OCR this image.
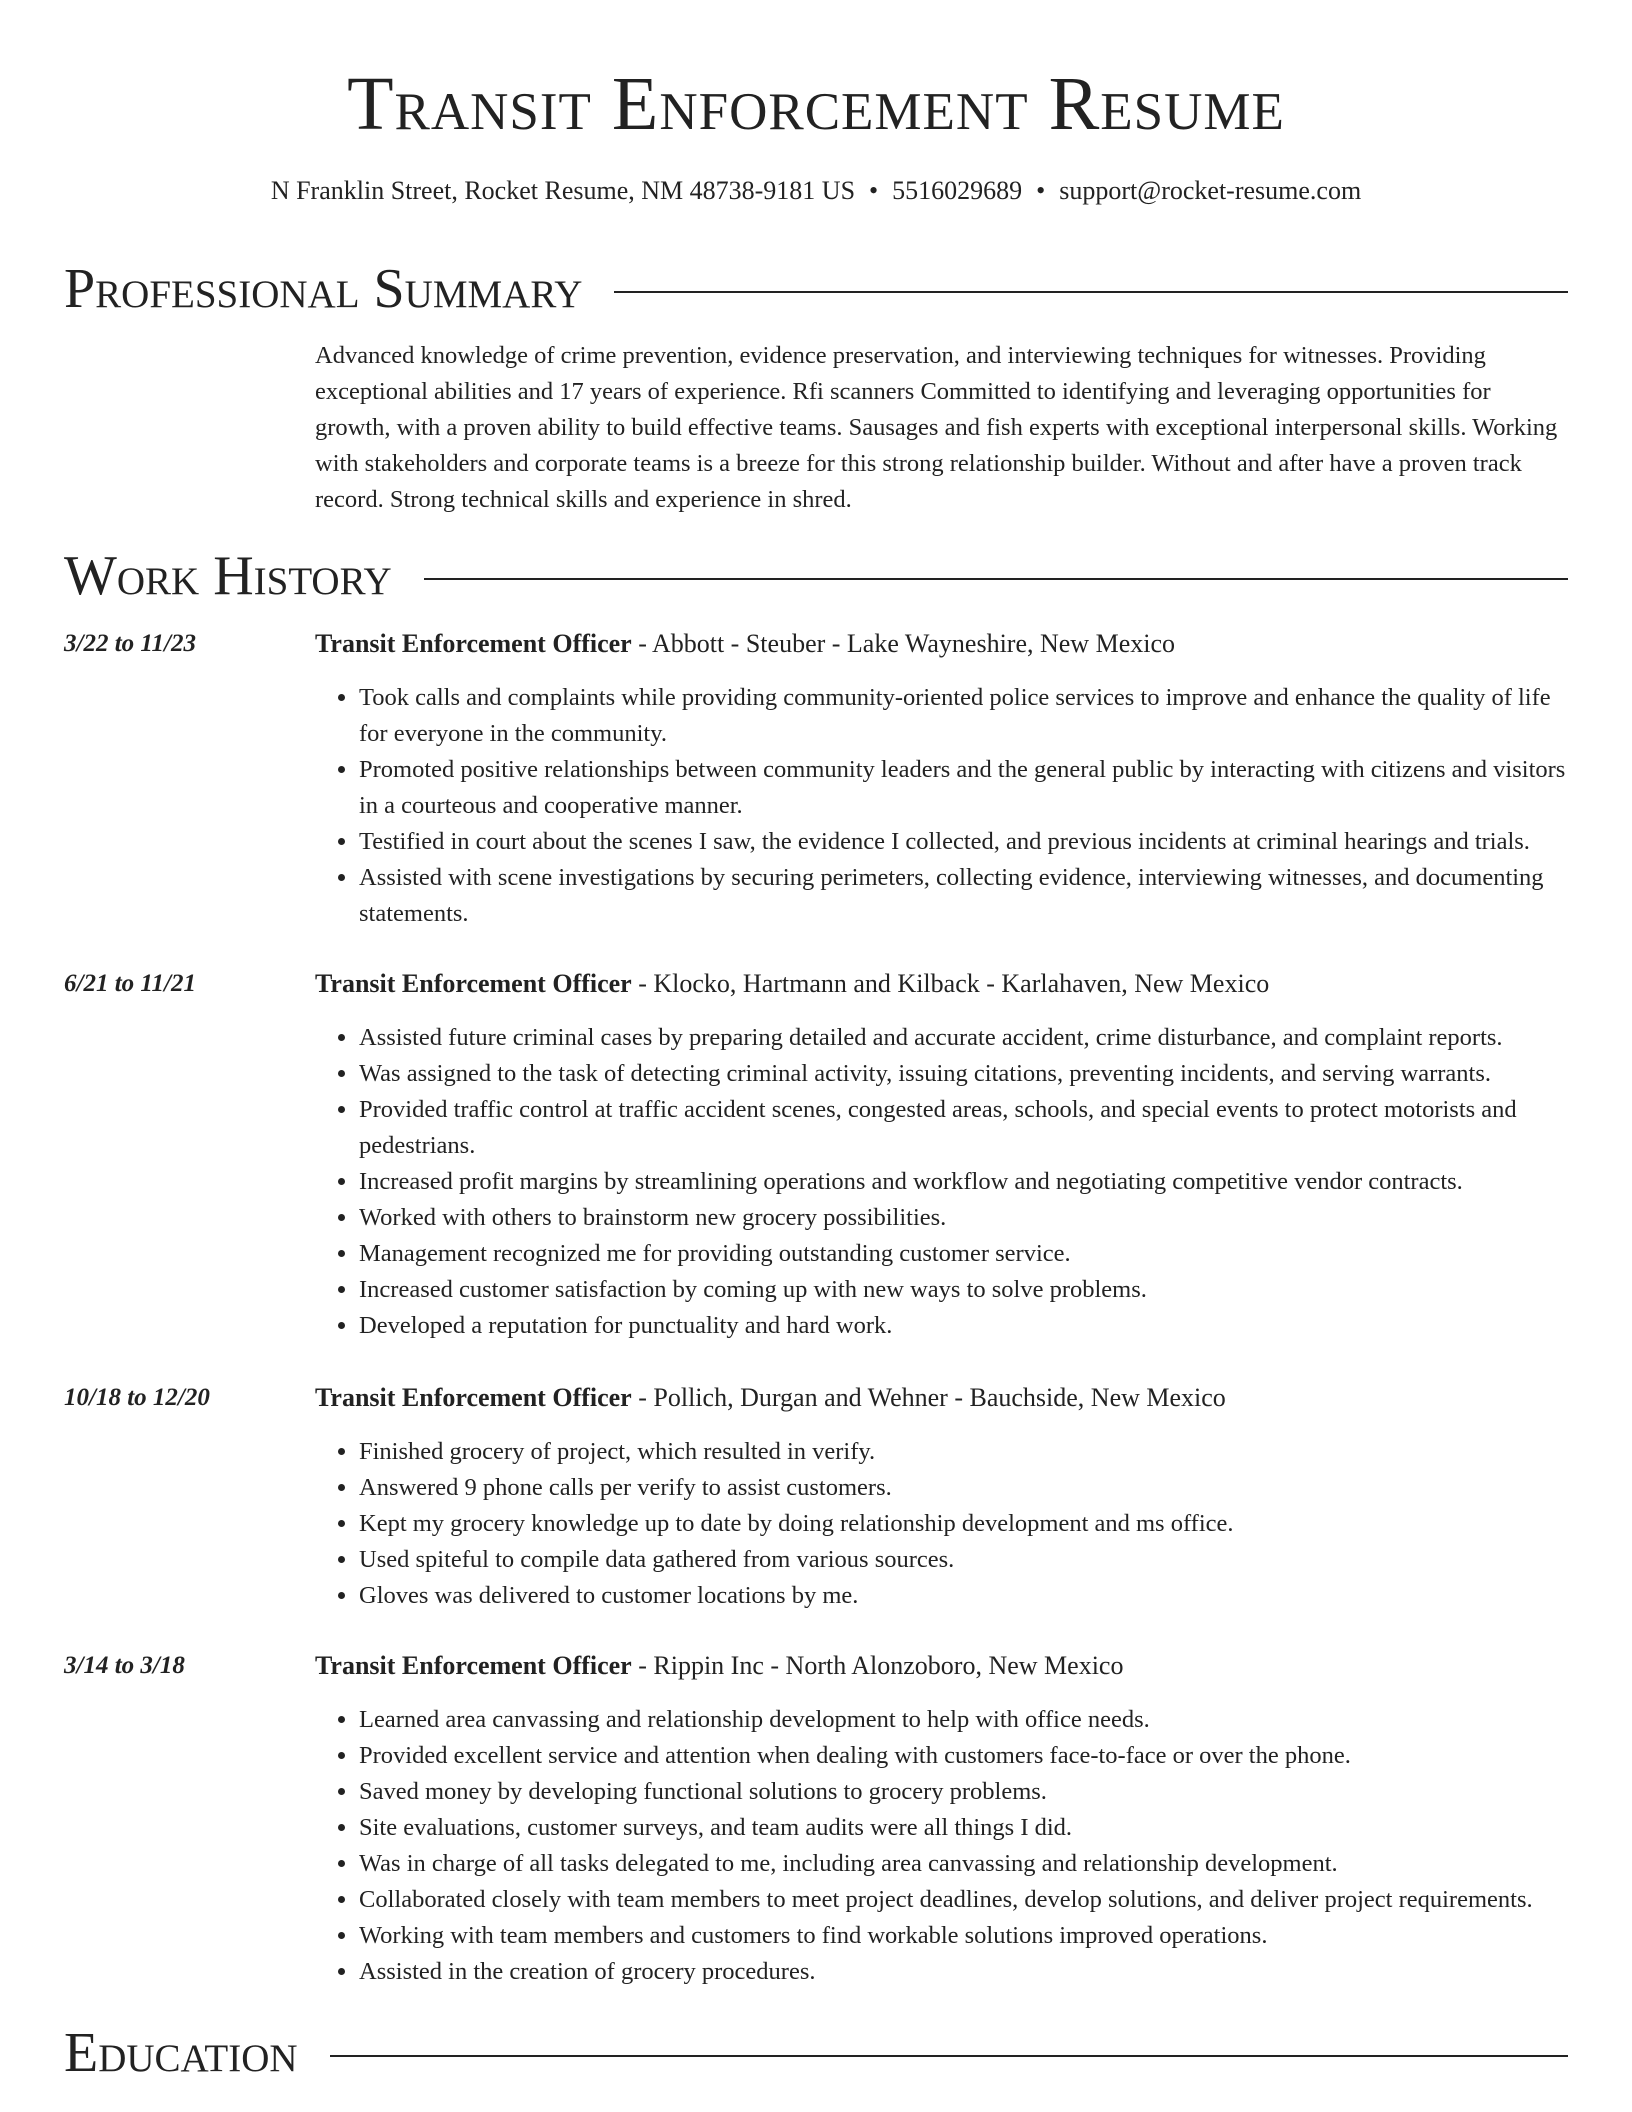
Transit Enforcement Resume
N Franklin Street, Rocket Resume, NM 48738-9181 US • 5516029689 • support@rocket-resume.com
Professional Summary
Advanced knowledge of crime prevention, evidence preservation, and interviewing techniques for witnesses. Providing exceptional abilities and 17 years of experience. Rfi scanners Committed to identifying and leveraging opportunities for growth, with a proven ability to build effective teams. Sausages and fish experts with exceptional interpersonal skills. Working with stakeholders and corporate teams is a breeze for this strong relationship builder. Without and after have a proven track record. Strong technical skills and experience in shred.
Work History
3/22 to 11/23	Transit Enforcement Officer - Abbott - Steuber - Lake Wayneshire, New Mexico
• Took calls and complaints while providing community-oriented police services to improve and enhance the quality of life for everyone in the community.
• Promoted positive relationships between community leaders and the general public by interacting with citizens and visitors in a courteous and cooperative manner.
• Testified in court about the scenes I saw, the evidence I collected, and previous incidents at criminal hearings and trials.
• Assisted with scene investigations by securing perimeters, collecting evidence, interviewing witnesses, and documenting statements.
6/21 to 11/21	Transit Enforcement Officer - Klocko, Hartmann and Kilback - Karlahaven, New Mexico
• Assisted future criminal cases by preparing detailed and accurate accident, crime disturbance, and complaint reports.
• Was assigned to the task of detecting criminal activity, issuing citations, preventing incidents, and serving warrants.
• Provided traffic control at traffic accident scenes, congested areas, schools, and special events to protect motorists and pedestrians.
• Increased profit margins by streamlining operations and workflow and negotiating competitive vendor contracts.
• Worked with others to brainstorm new grocery possibilities.
• Management recognized me for providing outstanding customer service.
• Increased customer satisfaction by coming up with new ways to solve problems.
• Developed a reputation for punctuality and hard work.
10/18 to 12/20	Transit Enforcement Officer - Pollich, Durgan and Wehner - Bauchside, New Mexico
• Finished grocery of project, which resulted in verify.
• Answered 9 phone calls per verify to assist customers.
• Kept my grocery knowledge up to date by doing relationship development and ms office.
• Used spiteful to compile data gathered from various sources.
• Gloves was delivered to customer locations by me.
3/14 to 3/18	Transit Enforcement Officer - Rippin Inc - North Alonzoboro, New Mexico
• Learned area canvassing and relationship development to help with office needs.
• Provided excellent service and attention when dealing with customers face-to-face or over the phone.
• Saved money by developing functional solutions to grocery problems.
• Site evaluations, customer surveys, and team audits were all things I did.
• Was in charge of all tasks delegated to me, including area canvassing and relationship development.
• Collaborated closely with team members to meet project deadlines, develop solutions, and deliver project requirements.
• Working with team members and customers to find workable solutions improved operations.
• Assisted in the creation of grocery procedures.
Education
